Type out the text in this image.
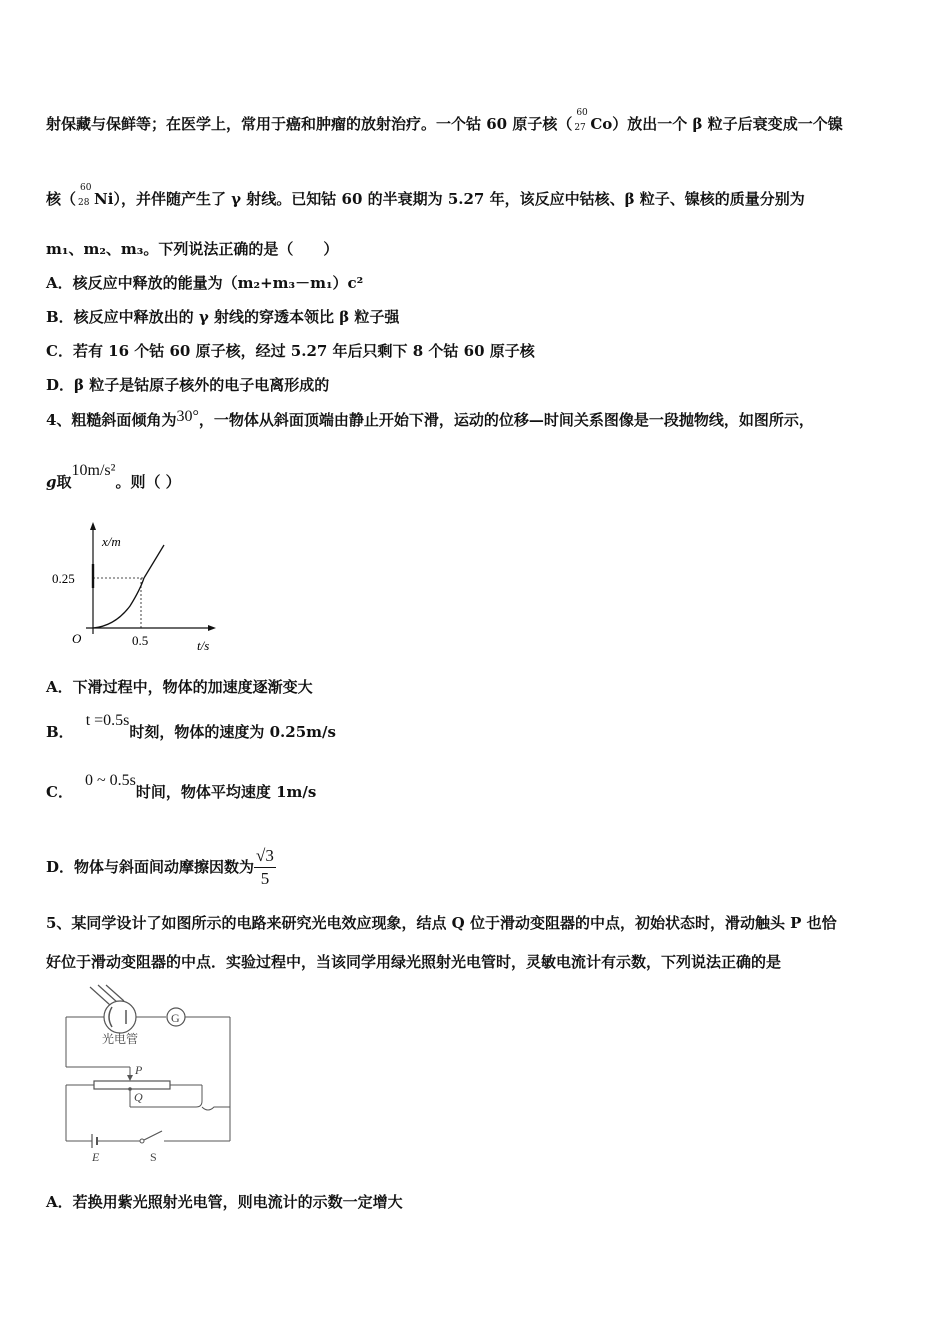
射保藏与保鲜等；在医学上，常用于癌和肿瘤的放射治疗。一个钴 60 原子核（
60
27 Co）放出一个 β 粒子后衰变成一个镍
核（
60
28 Ni），并伴随产生了 γ 射线。已知钴 60 的半衰期为 5.27 年，该反应中钴核、β 粒子、镍核的质量分别为
m₁、m₂、m₃。下列说法正确的是（　　）
A．核反应中释放的能量为（m₂+m₃－m₁）c²
B．核反应中释放出的 γ 射线的穿透本领比 β 粒子强
C．若有 16 个钴 60 原子核，经过 5.27 年后只剩下 8 个钴 60 原子核
D．β 粒子是钴原子核外的电子电离形成的
4、粗糙斜面倾角为30°，一物体从斜面顶端由静止开始下滑，运动的位移—时间关系图像是一段抛物线，如图所示，
g取10m/s²。则（ ）
x/m
t/s
O
0.25
0.5
A．下滑过程中，物体的加速度逐渐变大
B．t =0.5s时刻，物体的速度为 0.25m/s
C．0 ~ 0.5s时间，物体平均速度 1m/s
D．物体与斜面间动摩擦因数为 $\frac{√3}{5}$
5、某同学设计了如图所示的电路来研究光电效应现象，结点 Q 位于滑动变阻器的中点，初始状态时，滑动触头 P 也恰
好位于滑动变阻器的中点．实验过程中，当该同学用绿光照射光电管时，灵敏电流计有示数，下列说法正确的是
光电管
G
P
Q
E	S
A．若换用紫光照射光电管，则电流计的示数一定增大
